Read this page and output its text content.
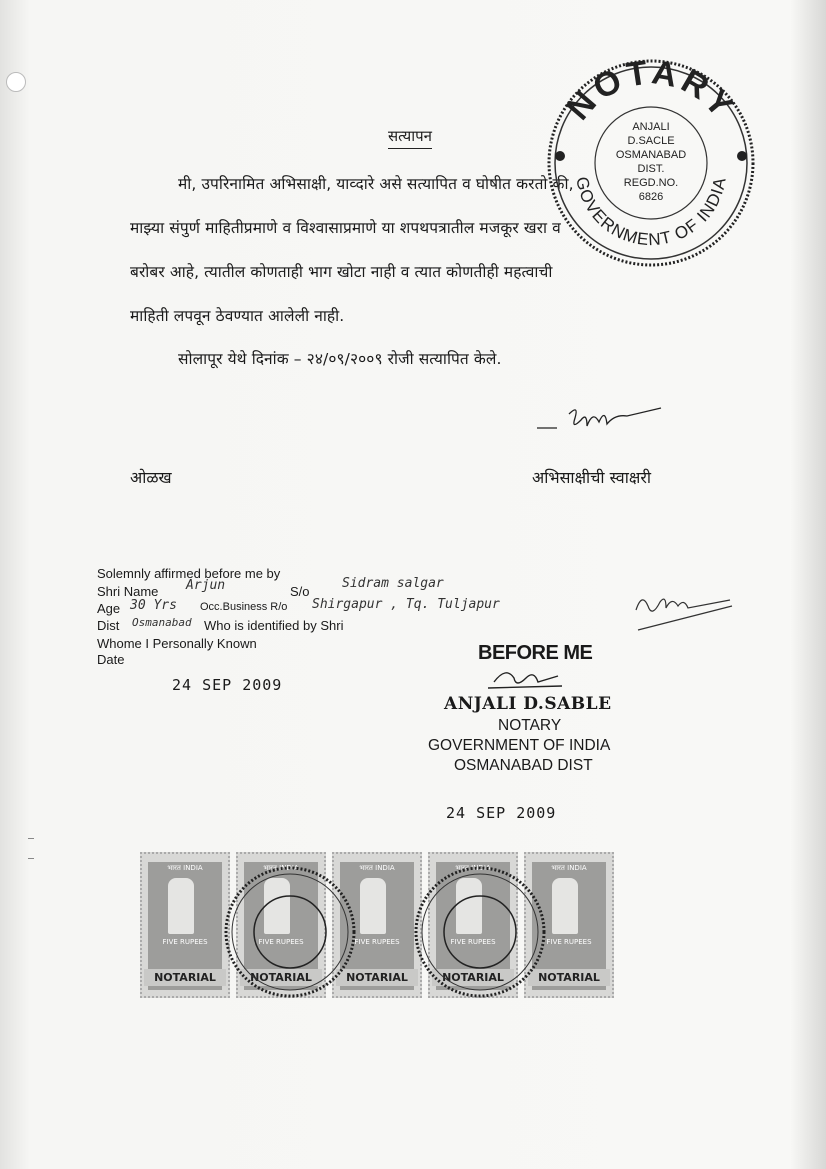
सत्यापन
मी, उपरिनामित अभिसाक्षी, याव्दारे असे सत्यापित व घोषीत करतो की,
माझ्या संपुर्ण माहितीप्रमाणे व विश्वासाप्रमाणे या शपथपत्रातील मजकूर खरा व
बरोबर आहे, त्यातील कोणताही भाग खोटा नाही व त्यात कोणतीही महत्वाची
माहिती लपवून ठेवण्यात आलेली नाही.
सोलापूर येथे दिनांक – २४/०९/२००९ रोजी सत्यापित केले.
ओळख	अभिसाक्षीची स्वाक्षरी
NOTARY
GOVERNMENT OF INDIA
ANJALI
D.SACLE
OSMANABAD
DIST.
REGD.NO.
6826
Solemnly affirmed before me by
Shri Name Arjun	S/o
Sidram salgar
Age 30 Yrs Occ.Business R/o Shirgapur , Tq. Tuljapur
Dist Osmanabad Who is identified by Shri
Whome I Personally Known
Date
24 SEP 2009
BEFORE ME
ANJALI D.SABLE
NOTARY
GOVERNMENT OF INDIA
OSMANABAD DIST
24 SEP 2009
भारत INDIA
FIVE RUPEES
NOTARIAL
भारत INDIA
FIVE RUPEES
NOTARIAL
भारत INDIA
FIVE RUPEES
NOTARIAL
भारत INDIA
FIVE RUPEES
NOTARIAL
भारत INDIA
FIVE RUPEES
NOTARIAL
